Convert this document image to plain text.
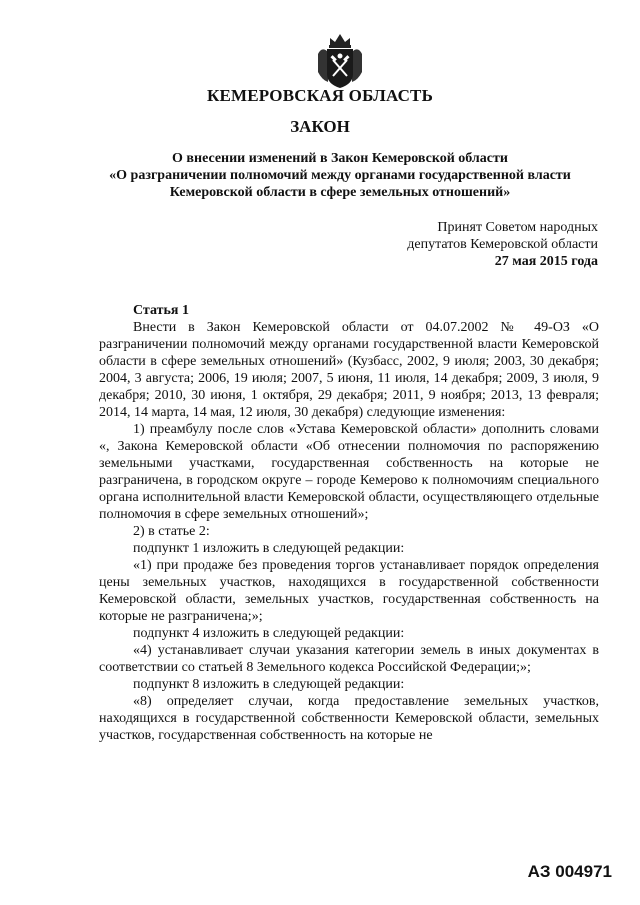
КЕМЕРОВСКАЯ ОБЛАСТЬ
ЗАКОН
О внесении изменений в Закон Кемеровской области
«О разграничении полномочий между органами государственной власти
Кемеровской области в сфере земельных отношений»
Принят Советом народных
депутатов Кемеровской области
27 мая 2015 года

Статья 1

Внести в Закон Кемеровской области от 04.07.2002 № 49-ОЗ «О разграничении полномочий между органами государственной власти Кемеровской области в сфере земельных отношений» (Кузбасс, 2002, 9 июля; 2003, 30 декабря; 2004, 3 августа; 2006, 19 июля; 2007, 5 июня, 11 июля, 14 декабря; 2009, 3 июля, 9 декабря; 2010, 30 июня, 1 октября, 29 декабря; 2011, 9 ноября; 2013, 13 февраля; 2014, 14 марта, 14 мая, 12 июля, 30 декабря) следующие изменения:

1) преамбулу после слов «Устава Кемеровской области» дополнить словами «, Закона Кемеровской области «Об отнесении полномочия по распоряжению земельными участками, государственная собственность на которые не разграничена, в городском округе – городе Кемерово к полномочиям специального органа исполнительной власти Кемеровской области, осуществляющего отдельные полномочия в сфере земельных отношений»;

2) в статье 2:

подпункт 1 изложить в следующей редакции:

«1) при продаже без проведения торгов устанавливает порядок определения цены земельных участков, находящихся в государственной собственности Кемеровской области, земельных участков, государственная собственность на которые не разграничена;»;

подпункт 4 изложить в следующей редакции:

«4) устанавливает случаи указания категории земель в иных документах в соответствии со статьей 8 Земельного кодекса Российской Федерации;»;

подпункт 8 изложить в следующей редакции:

«8) определяет случаи, когда предоставление земельных участков, находящихся в государственной собственности Кемеровской области, земельных участков, государственная собственность на которые не

АЗ 004971
